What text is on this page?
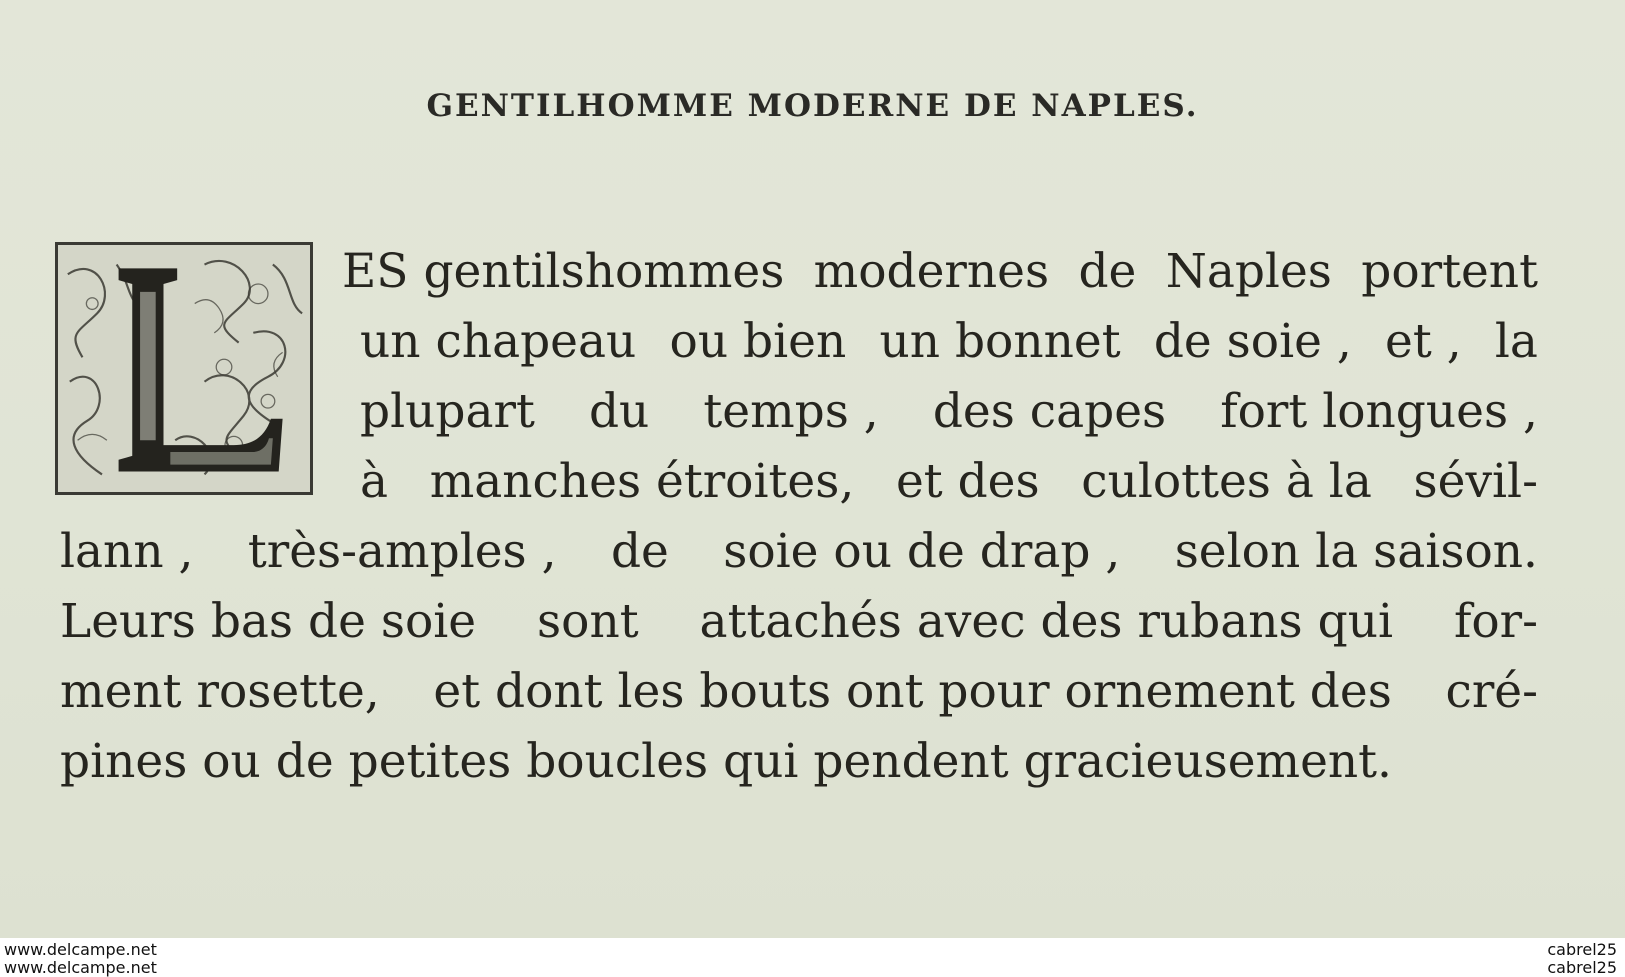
GENTILHOMME MODERNE DE NAPLES.
ES gentilshommes modernes de Naples portent
un chapeau ou bien un bonnet de soie , et , la
plupart du temps , des capes fort longues ,
à manches étroites, et des culottes à la sévil-
lann , très-amples , de soie ou de drap , selon la saison.
Leurs bas de soie sont attachés avec des rubans qui for-
ment rosette, et dont les bouts ont pour ornement des cré-
pines ou de petites boucles qui pendent gracieusement.
www.delcampe.net
www.delcampe.net
cabrel25
cabrel25
